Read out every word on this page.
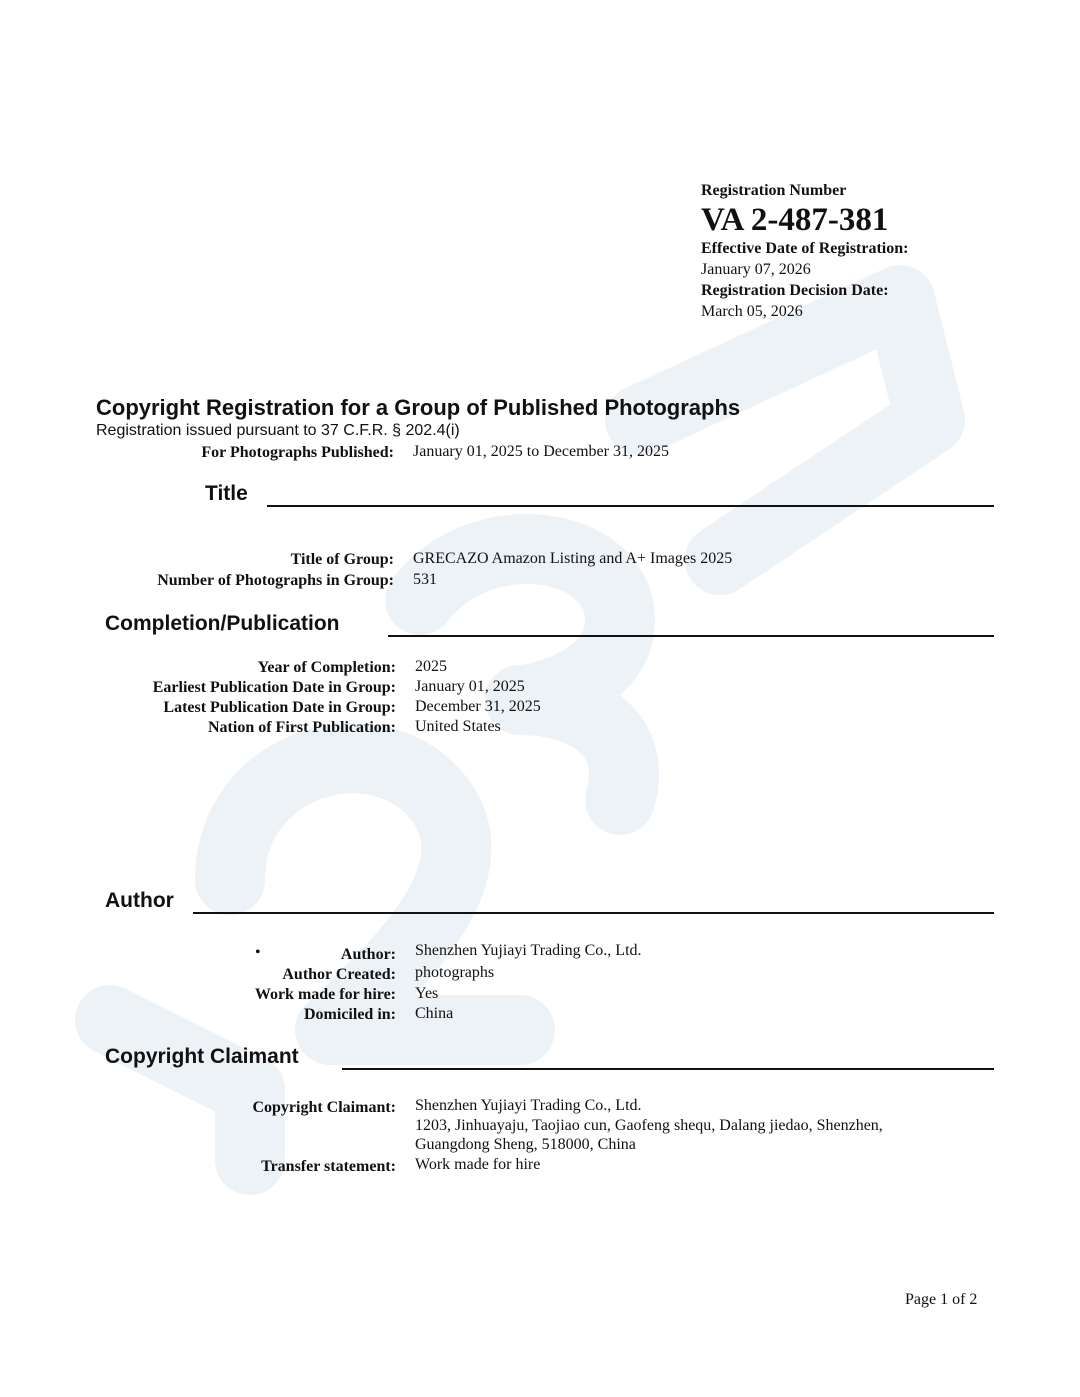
Registration Number
VA 2-487-381
Effective Date of Registration:
January 07, 2026
Registration Decision Date:
March 05, 2026
Copyright Registration for a Group of Published Photographs
Registration issued pursuant to 37 C.F.R. § 202.4(i)
For Photographs Published: January 01, 2025 to December 31, 2025
Title
Title of Group: GRECAZO Amazon Listing and A+ Images 2025
Number of Photographs in Group: 531
Completion/Publication
Year of Completion: 2025
Earliest Publication Date in Group: January 01, 2025
Latest Publication Date in Group: December 31, 2025
Nation of First Publication: United States
Author
•	Author: Shenzhen Yujiayi Trading Co., Ltd.
Author Created: photographs
Work made for hire: Yes
Domiciled in: China
Copyright Claimant
Copyright Claimant: Shenzhen Yujiayi Trading Co., Ltd.
1203, Jinhuayaju, Taojiao cun, Gaofeng shequ, Dalang jiedao, Shenzhen,
Guangdong Sheng, 518000, China
Transfer statement: Work made for hire
Page 1 of 2
